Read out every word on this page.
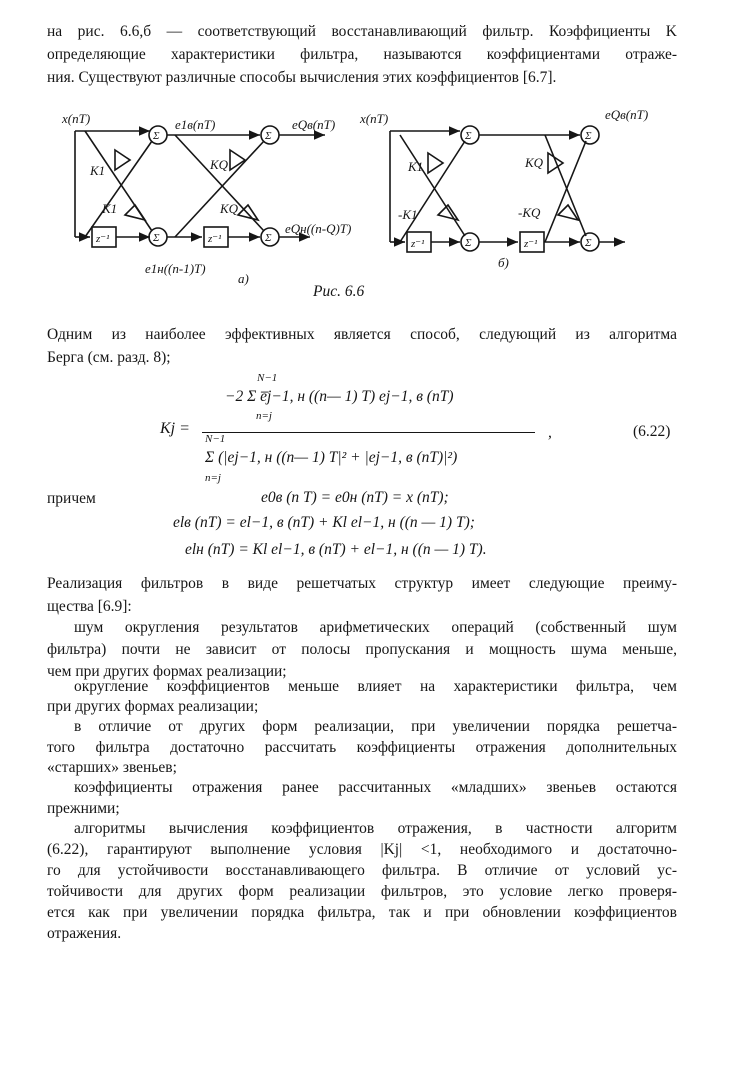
на рис. 6.6,б — соответствующий восстанавливающий фильтр. Коэффициенты K
определяющие характеристики фильтра, называются коэффициентами отраже-
ния. Существуют различные способы вычисления этих коэффициентов [6.7].
x(nT)
Σ	Σ
Σ	Σ
e1в(nT)	eQв(nT)
K1
K1
KQ
KQ
z⁻¹	z⁻¹
e1н((n-1)T)
eQн((n-Q)T)
а)
x(nT)
Σ	Σ
Σ	Σ
eQв(nT)
K1
-K1
KQ
-KQ
z⁻¹	z⁻¹
б)
Рис. 6.6
Одним из наиболее эффективных является способ, следующий из алгоритма
Берга (см. разд. 8);
Kj =
N−1
−2 Σ e̅j−1, н ((n— 1) T) ej−1, в (nT)
n=j
N−1
Σ (|ej−1, н ((n— 1) T|² + |ej−1, в (nT)|²)
n=j
,	(6.22)
причем	e0в (n T) = e0н (nT) = x (nT);
elв (nT) = el−1, в (nT) + Kl el−1, н ((n — 1) T);
elн (nT) = Kl el−1, в (nT) + el−1, н ((n — 1) T).
Реализация фильтров в виде решетчатых структур имеет следующие преиму-
щества [6.9]:
шум округления результатов арифметических операций (собственный шум
фильтра) почти не зависит от полосы пропускания и мощность шума меньше,
чем при других формах реализации;
округление коэффициентов меньше влияет на характеристики фильтра, чем
при других формах реализации;
в отличие от других форм реализации, при увеличении порядка решетча-
того фильтра достаточно рассчитать коэффициенты отражения дополнительных
«старших» звеньев;
коэффициенты отражения ранее рассчитанных «младших» звеньев остаются
прежними;
алгоритмы вычисления коэффициентов отражения, в частности алгоритм
(6.22), гарантируют выполнение условия |Kj| <1, необходимого и достаточно-
го для устойчивости восстанавливающего фильтра. В отличие от условий ус-
тойчивости для других форм реализации фильтров, это условие легко проверя-
ется как при увеличении порядка фильтра, так и при обновлении коэффициентов
отражения.
